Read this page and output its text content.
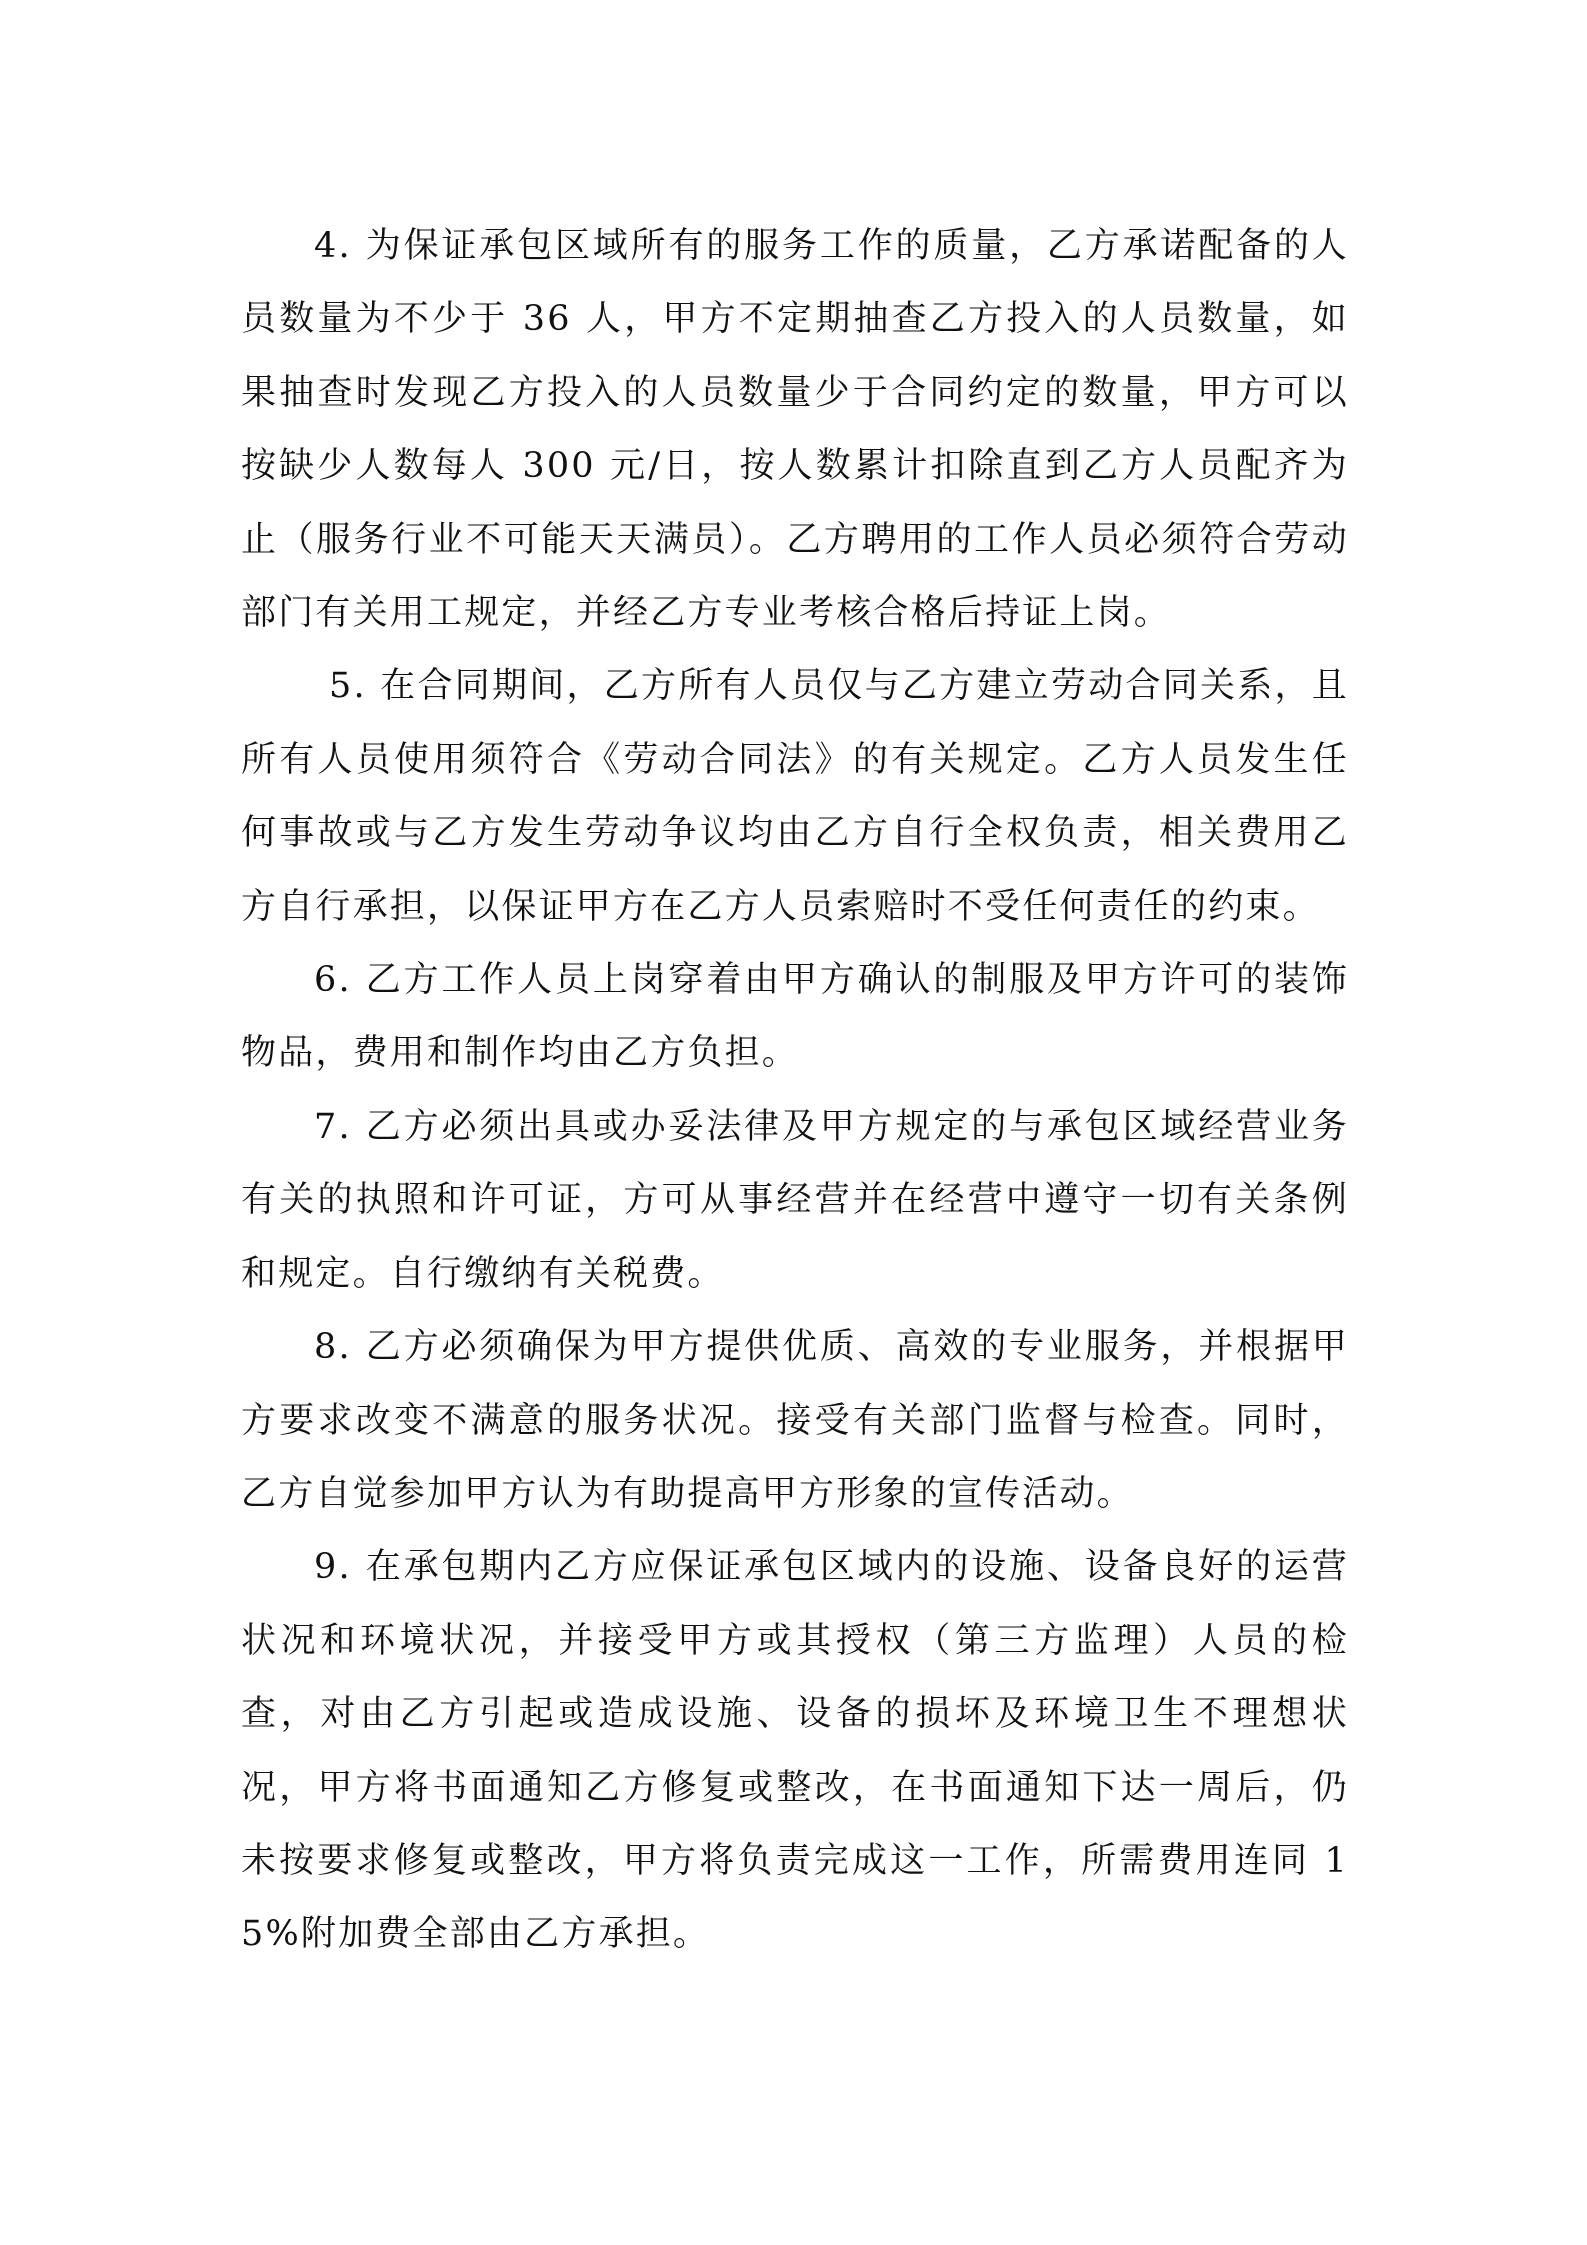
4. 为保证承包区域所有的服务工作的质量，乙方承诺配备的人员数量为不少于 36 人，甲方不定期抽查乙方投入的人员数量，如果抽查时发现乙方投入的人员数量少于合同约定的数量，甲方可以按缺少人数每人 300 元/日，按人数累计扣除直到乙方人员配齐为止（服务行业不可能天天满员）。乙方聘用的工作人员必须符合劳动部门有关用工规定，并经乙方专业考核合格后持证上岗。

5. 在合同期间，乙方所有人员仅与乙方建立劳动合同关系，且所有人员使用须符合《劳动合同法》的有关规定。乙方人员发生任何事故或与乙方发生劳动争议均由乙方自行全权负责，相关费用乙方自行承担，以保证甲方在乙方人员索赔时不受任何责任的约束。

6. 乙方工作人员上岗穿着由甲方确认的制服及甲方许可的装饰物品，费用和制作均由乙方负担。

7. 乙方必须出具或办妥法律及甲方规定的与承包区域经营业务有关的执照和许可证，方可从事经营并在经营中遵守一切有关条例和规定。自行缴纳有关税费。

8. 乙方必须确保为甲方提供优质、高效的专业服务，并根据甲方要求改变不满意的服务状况。接受有关部门监督与检查。同时，乙方自觉参加甲方认为有助提高甲方形象的宣传活动。

9. 在承包期内乙方应保证承包区域内的设施、设备良好的运营状况和环境状况，并接受甲方或其授权（第三方监理）人员的检查，对由乙方引起或造成设施、设备的损坏及环境卫生不理想状况，甲方将书面通知乙方修复或整改，在书面通知下达一周后，仍未按要求修复或整改，甲方将负责完成这一工作，所需费用连同 15%附加费全部由乙方承担。
